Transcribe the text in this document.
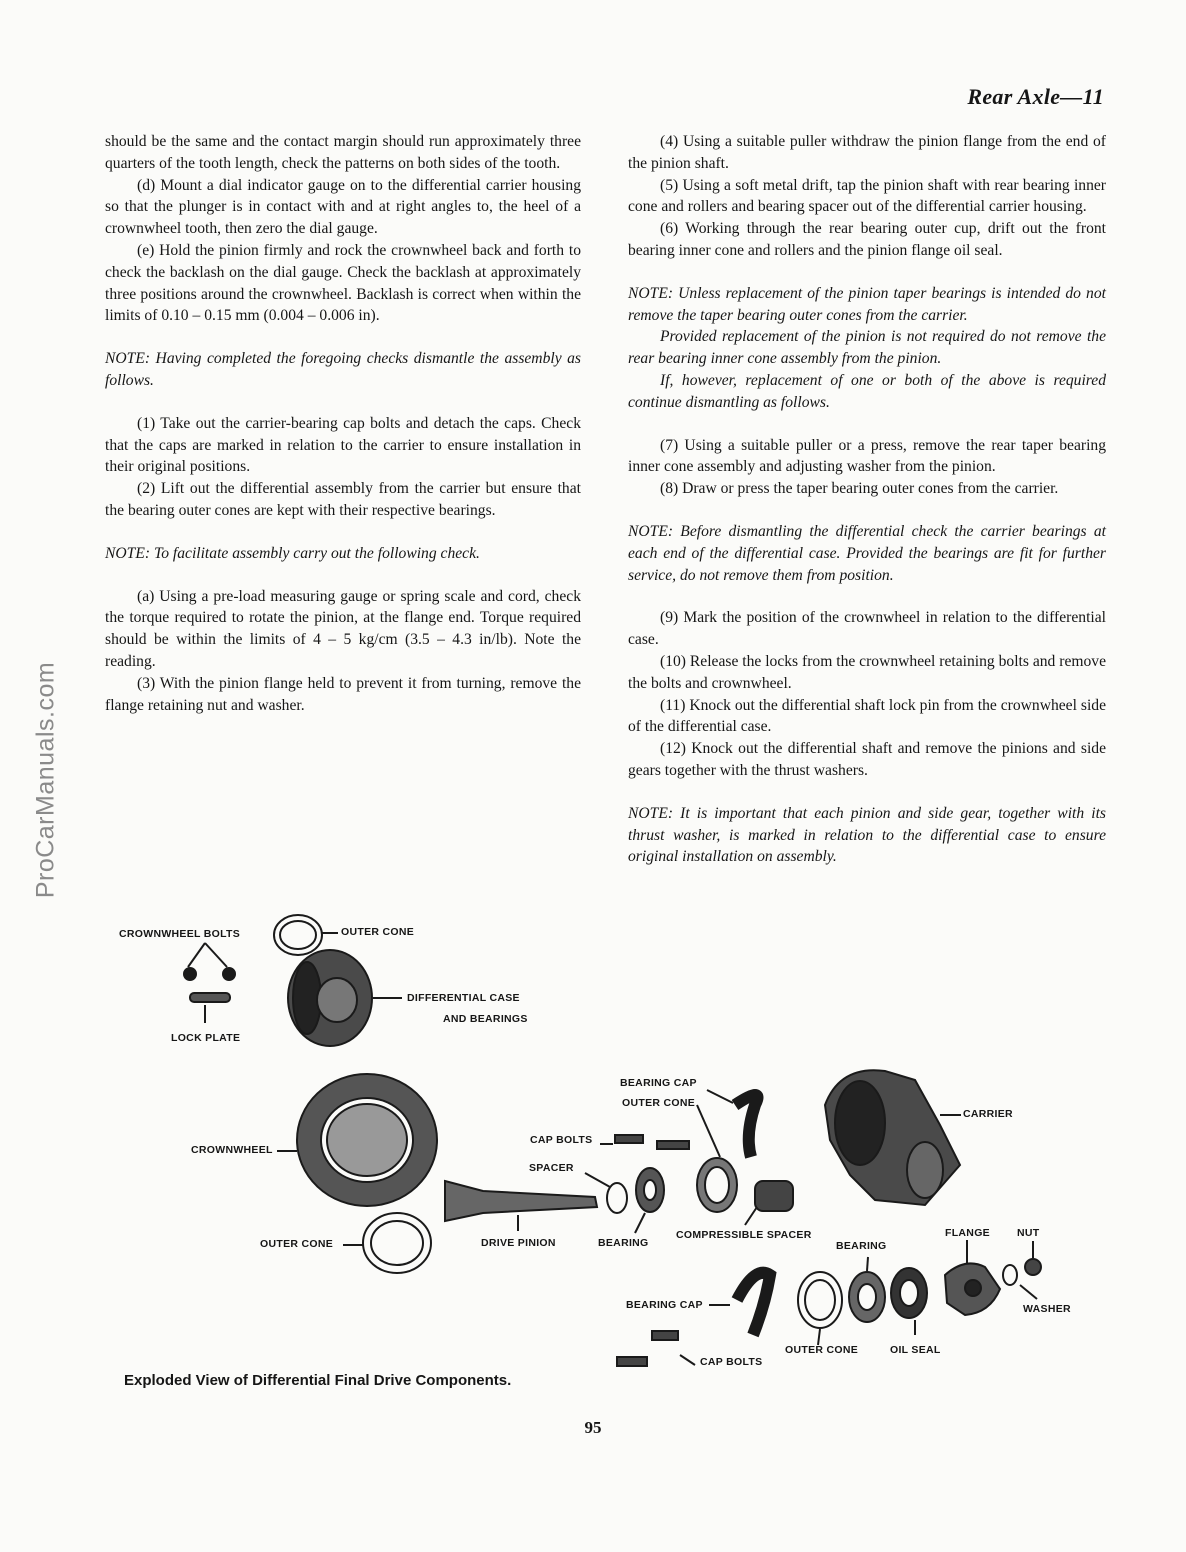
Rear Axle—11
ProCarManuals.com

should be the same and the contact margin should run approximately three quarters of the tooth length, check the patterns on both sides of the tooth.

(d) Mount a dial indicator gauge on to the differential carrier housing so that the plunger is in contact with and at right angles to, the heel of a crownwheel tooth, then zero the dial gauge.

(e) Hold the pinion firmly and rock the crownwheel back and forth to check the backlash on the dial gauge. Check the backlash at approximately three positions around the crownwheel. Backlash is correct when within the limits of 0.10 – 0.15 mm (0.004 – 0.006 in).

NOTE: Having completed the foregoing checks dismantle the assembly as follows.

(1) Take out the carrier-bearing cap bolts and detach the caps. Check that the caps are marked in relation to the carrier to ensure installation in their original positions.

(2) Lift out the differential assembly from the carrier but ensure that the bearing outer cones are kept with their respective bearings.

NOTE: To facilitate assembly carry out the following check.

(a) Using a pre-load measuring gauge or spring scale and cord, check the torque required to rotate the pinion, at the flange end. Torque required should be within the limits of 4 – 5 kg/cm (3.5 – 4.3 in/lb). Note the reading.

(3) With the pinion flange held to prevent it from turning, remove the flange retaining nut and washer.

(4) Using a suitable puller withdraw the pinion flange from the end of the pinion shaft.

(5) Using a soft metal drift, tap the pinion shaft with rear bearing inner cone and rollers and bearing spacer out of the differential carrier housing.

(6) Working through the rear bearing outer cup, drift out the front bearing inner cone and rollers and the pinion flange oil seal.

NOTE: Unless replacement of the pinion taper bearings is intended do not remove the taper bearing outer cones from the carrier.

Provided replacement of the pinion is not required do not remove the rear bearing inner cone assembly from the pinion.

If, however, replacement of one or both of the above is required continue dismantling as follows.

(7) Using a suitable puller or a press, remove the rear taper bearing inner cone assembly and adjusting washer from the pinion.

(8) Draw or press the taper bearing outer cones from the carrier.

NOTE: Before dismantling the differential check the carrier bearings at each end of the differential case. Provided the bearings are fit for further service, do not remove them from position.

(9) Mark the position of the crownwheel in relation to the differential case.

(10) Release the locks from the crownwheel retaining bolts and remove the bolts and crownwheel.

(11) Knock out the differential shaft lock pin from the crownwheel side of the differential case.

(12) Knock out the differential shaft and remove the pinions and side gears together with the thrust washers.

NOTE: It is important that each pinion and side gear, together with its thrust washer, is marked in relation to the differential case to ensure original installation on assembly.

CROWNWHEEL BOLTS	OUTER CONE
DIFFERENTIAL CASE
AND BEARINGS
LOCK PLATE
BEARING CAP
OUTER CONE
CARRIER
CAP BOLTS
CROWNWHEEL
SPACER
OUTER CONE	DRIVE PINION	BEARING
COMPRESSIBLE SPACER
BEARING
FLANGE	NUT
BEARING CAP	WASHER
OUTER CONE	OIL SEAL
CAP BOLTS
Exploded View of Differential Final Drive Components.
95
